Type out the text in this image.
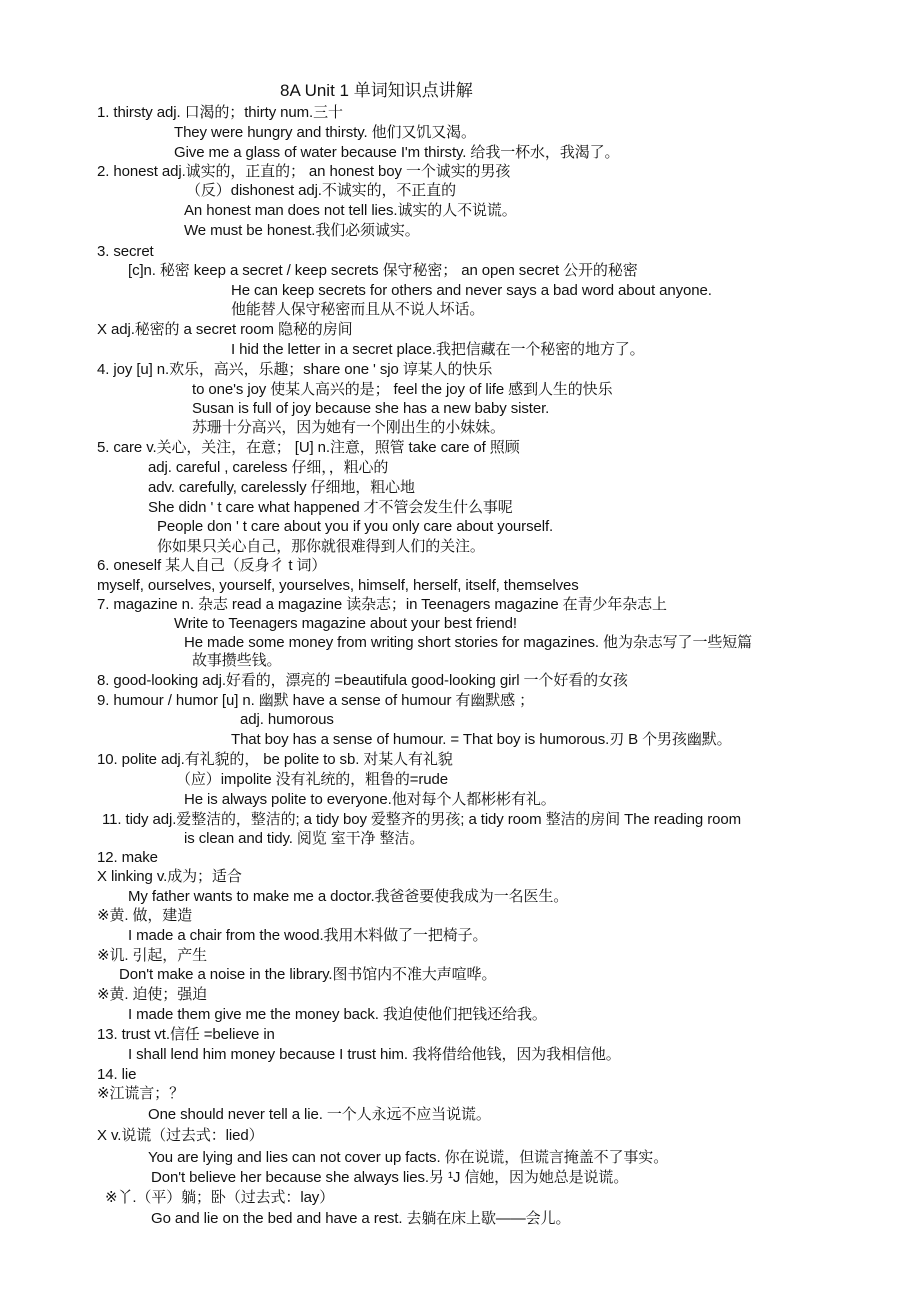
8A Unit 1 单词知识点讲解
1. thirsty adj. 口渴的；thirty num.三十
They were hungry and thirsty. 他们又饥又渴。
Give me a glass of water because I'm thirsty. 给我一杯水，我渴了。
2. honest adj.诚实的，正直的； an honest boy 一个诚实的男孩
（反）dishonest adj.不诚实的，不正直的
An honest man does not tell lies.诚实的人不说谎。
We must be honest.我们必须诚实。
3. secret
[c]n. 秘密 keep a secret / keep secrets 保守秘密； an open secret 公开的秘密
He can keep secrets for others and never says a bad word about anyone.
他能替人保守秘密而且从不说人坏话。
X adj.秘密的 a secret room 隐秘的房间
I hid the letter in a secret place.我把信藏在一个秘密的地方了。
4. joy [u] n.欢乐，高兴，乐趣；share one ' sjo 谆某人的快乐
to one's joy 使某人高兴的是； feel the joy of life 感到人生的快乐
Susan is full of joy because she has a new baby sister.
苏珊十分高兴，因为她有一个刚出生的小妹妹。
5. care v.关心，关注，在意； [U] n.注意，照管 take care of 照顾
adj. careful , careless 仔细，，粗心的
adv. carefully, carelessly 仔细地，粗心地
She didn ' t care what happened 才不管会发生什么事呢
People don ' t care about you if you only care about yourself.
你如果只关心自己，那你就很难得到人们的关注。
6. oneself 某人自己（反身彳 t 词）
myself, ourselves, yourself, yourselves, himself, herself, itself, themselves
7. magazine n. 杂志 read a magazine 读杂志；in Teenagers magazine 在青少年杂志上
Write to Teenagers magazine about your best friend!
He made some money from writing short stories for magazines. 他为杂志写了一些短篇
故事攒些钱。
8. good-looking adj.好看的，漂亮的 =beautifula good-looking girl 一个好看的女孩
9. humour / humor [u] n. 幽默 have a sense of humour 有幽默感 ；
adj. humorous
That boy has a sense of humour. = That boy is humorous.刃 B 个男孩幽默。
10. polite adj.有礼貌的， be polite to sb. 对某人有礼貌
（应）impolite 没有礼统的，粗鲁的=rude
He is always polite to everyone.他对每个人都彬彬有礼。
11. tidy adj.爱整洁的，整洁的; a tidy boy 爱整齐的男孩; a tidy room 整洁的房间 The reading room
is clean and tidy. 阅览 室干净 整洁。
12. make
X linking v.成为；适合
My father wants to make me a doctor.我爸爸要使我成为一名医生。
※黄. 做，建造
I made a chair from the wood.我用木料做了一把椅子。
※讥. 引起，产生
Don't make a noise in the library.图书馆内不准大声喧哗。
※黄. 迫使；强迫
I made them give me the money back. 我迫使他们把钱还给我。
13. trust vt.信任 =believe in
I shall lend him money because I trust him. 我将借给他钱，因为我相信他。
14. lie
※江谎言；？
One should never tell a lie. 一个人永远不应当说谎。
X v.说谎（过去式：lied）
You are lying and lies can not cover up facts. 你在说谎，但谎言掩盖不了事实。
Don't believe her because she always lies.另 ¹J 信她，因为她总是说谎。
※丫.（平）躺；卧（过去式：lay）
Go and lie on the bed and have a rest. 去躺在床上歇——会儿。
